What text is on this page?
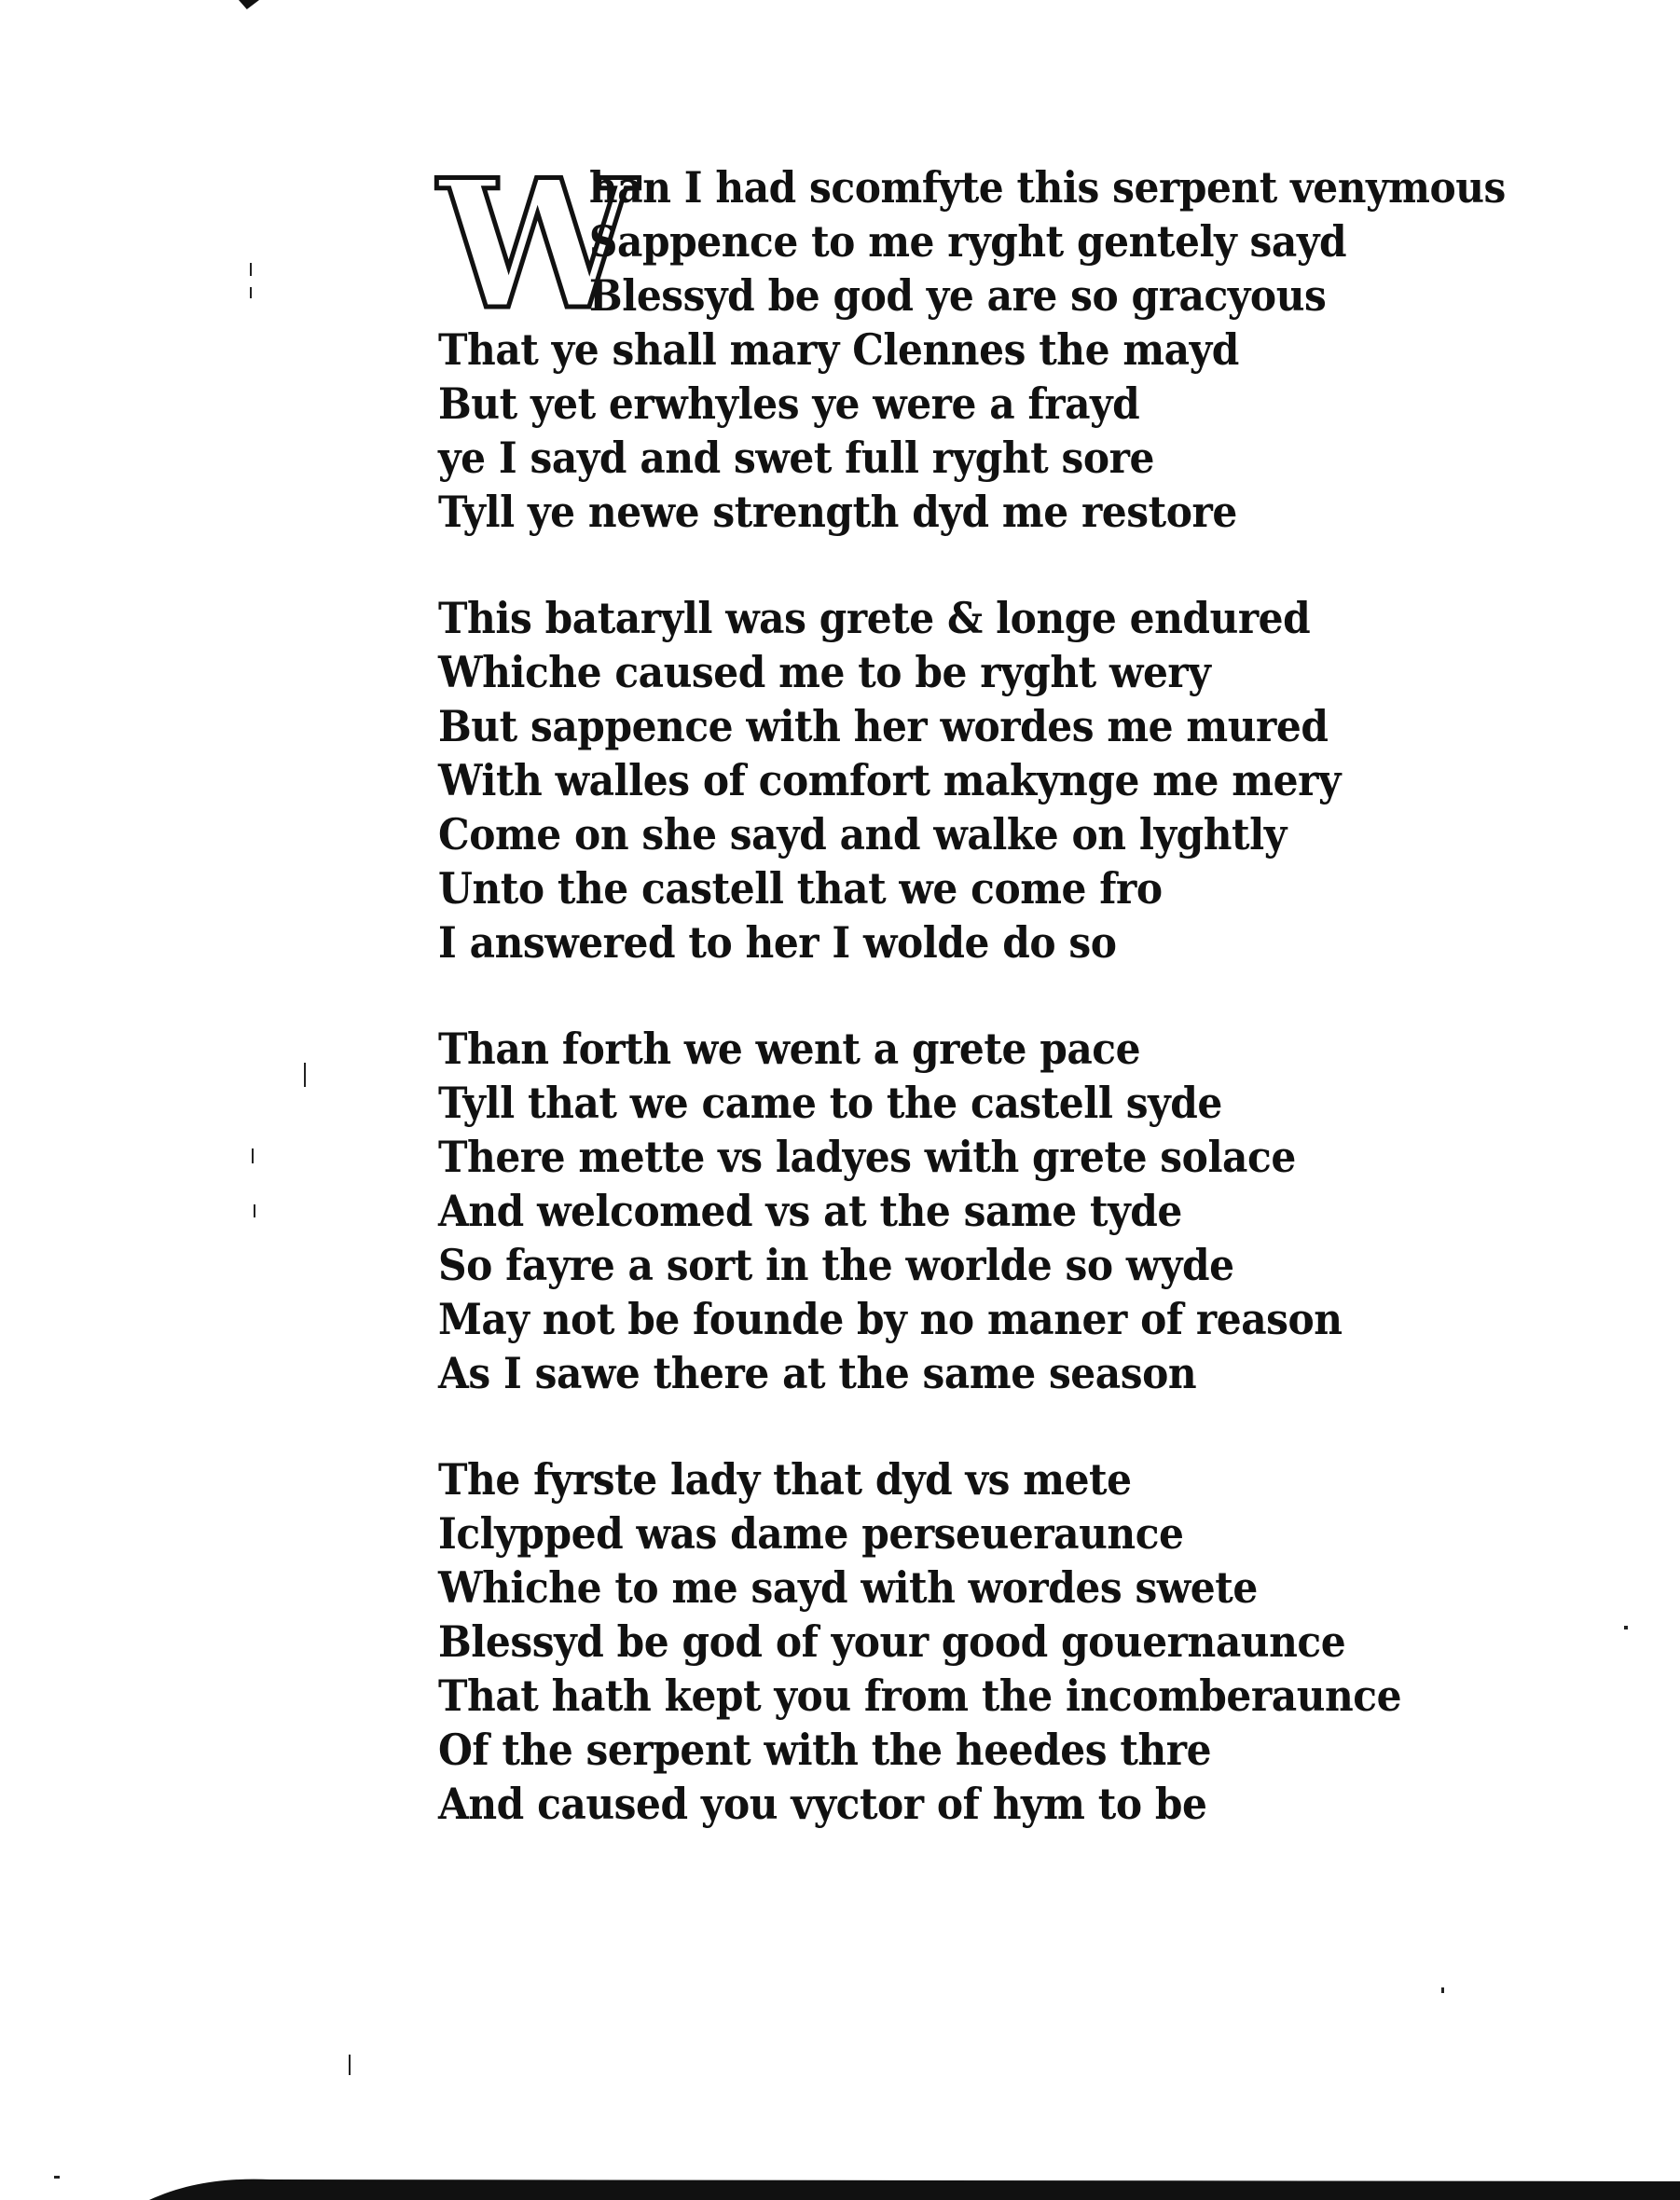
W
han I had scomfyte this serpent venymous
Sappence to me ryght gentely sayd
Blessyd be god ye are so gracyous
That ye shall mary Clennes the mayd
But yet erwhyles ye were a frayd
ye I sayd and swet full ryght sore
Tyll ye newe strength dyd me restore
This bataryll was grete & longe endured
Whiche caused me to be ryght wery
But sappence with her wordes me mured
With walles of comfort makynge me mery
Come on she sayd and walke on lyghtly
Unto the castell that we come fro
I answered to her I wolde do so
Than forth we went a grete pace
Tyll that we came to the castell syde
There mette vs ladyes with grete solace
And welcomed vs at the same tyde
So fayre a sort in the worlde so wyde
May not be founde by no maner of reason
As I sawe there at the same season
The fyrste lady that dyd vs mete
Iclypped was dame perseueraunce
Whiche to me sayd with wordes swete
Blessyd be god of your good gouernaunce
That hath kept you from the incomberaunce
Of the serpent with the heedes thre
And caused you vyctor of hym to be
